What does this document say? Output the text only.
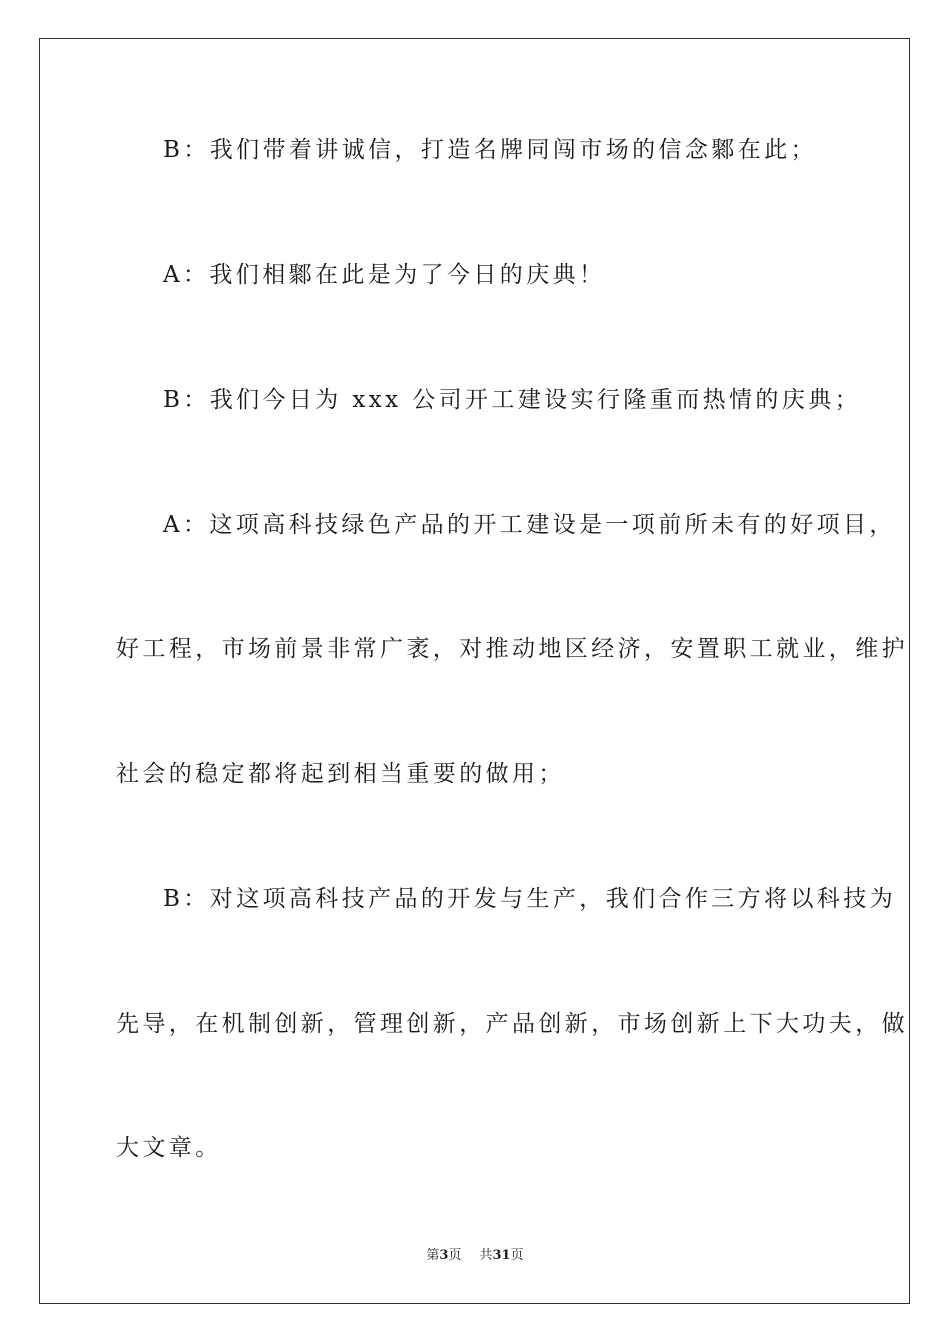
B：我们带着讲诚信，打造名牌同闯市场的信念鄹在此；
A：我们相鄹在此是为了今日的庆典！
B：我们今日为 xxx 公司开工建设实行隆重而热情的庆典；
A：这项高科技绿色产品的开工建设是一项前所未有的好项目，
好工程，市场前景非常广袤，对推动地区经济，安置职工就业，维护
社会的稳定都将起到相当重要的做用；
B：对这项高科技产品的开发与生产，我们合作三方将以科技为
先导，在机制创新，管理创新，产品创新，市场创新上下大功夫，做
大文章。
第3页 共31页
